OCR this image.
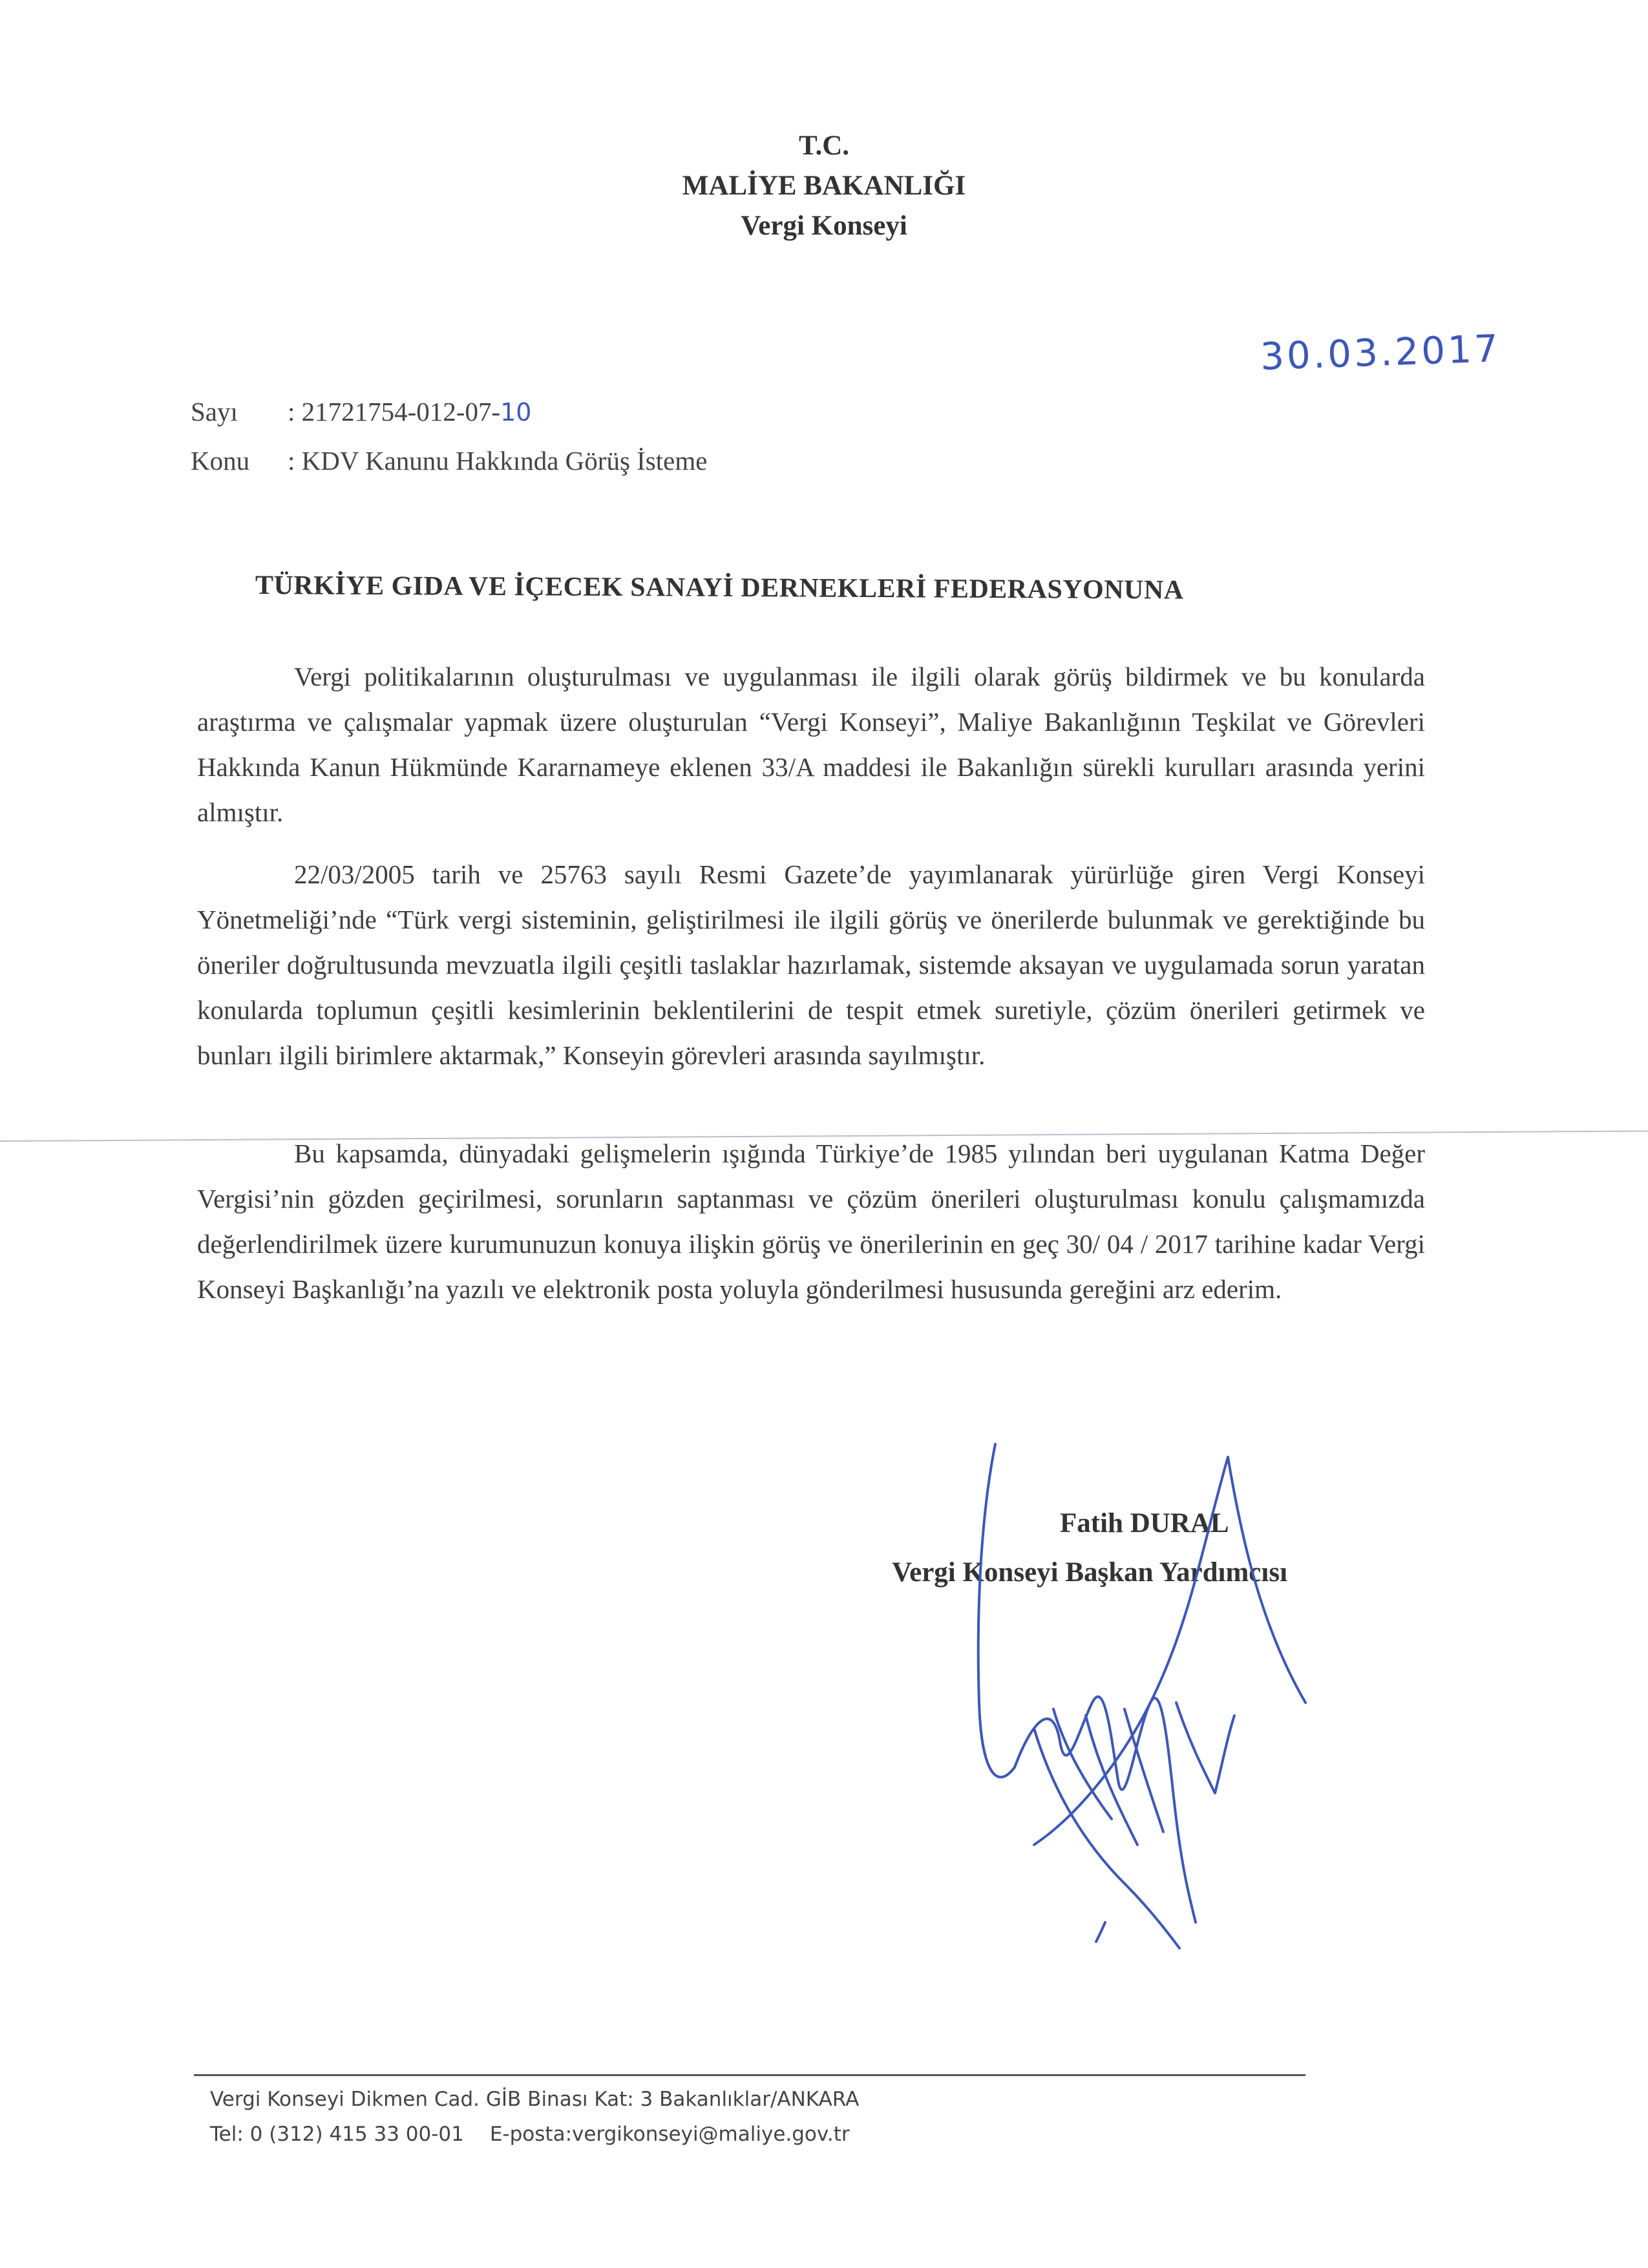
T.C.
MALİYE BAKANLIĞI
Vergi Konseyi
30.03.2017
Sayı : 21721754-012-07-10
Konu : KDV Kanunu Hakkında Görüş İsteme
TÜRKİYE GIDA VE İÇECEK SANAYİ DERNEKLERİ FEDERASYONUNA
Vergi politikalarının oluşturulması ve uygulanması ile ilgili olarak görüş bildirmek ve bu konularda araştırma ve çalışmalar yapmak üzere oluşturulan “Vergi Konseyi”, Maliye Bakanlığının Teşkilat ve Görevleri Hakkında Kanun Hükmünde Kararnameye eklenen 33/A maddesi ile Bakanlığın sürekli kurulları arasında yerini almıştır.
22/03/2005 tarih ve 25763 sayılı Resmi Gazete’de yayımlanarak yürürlüğe giren Vergi Konseyi Yönetmeliği’nde “Türk vergi sisteminin, geliştirilmesi ile ilgili görüş ve önerilerde bulunmak ve gerektiğinde bu öneriler doğrultusunda mevzuatla ilgili çeşitli taslaklar hazırlamak, sistemde aksayan ve uygulamada sorun yaratan konularda toplumun çeşitli kesimlerinin beklentilerini de tespit etmek suretiyle, çözüm önerileri getirmek ve bunları ilgili birimlere aktarmak,” Konseyin görevleri arasında sayılmıştır.
Bu kapsamda, dünyadaki gelişmelerin ışığında Türkiye’de 1985 yılından beri uygulanan Katma Değer Vergisi’nin gözden geçirilmesi, sorunların saptanması ve çözüm önerileri oluşturulması konulu çalışmamızda değerlendirilmek üzere kurumunuzun konuya ilişkin görüş ve önerilerinin en geç 30/ 04 / 2017 tarihine kadar Vergi Konseyi Başkanlığı’na yazılı ve elektronik posta yoluyla gönderilmesi hususunda gereğini arz ederim.
Fatih DURAL
Vergi Konseyi Başkan Yardımcısı
Vergi Konseyi Dikmen Cad. GİB Binası Kat: 3 Bakanlıklar/ANKARA
Tel: 0 (312) 415 33 00-01 E-posta:vergikonseyi@maliye.gov.tr
